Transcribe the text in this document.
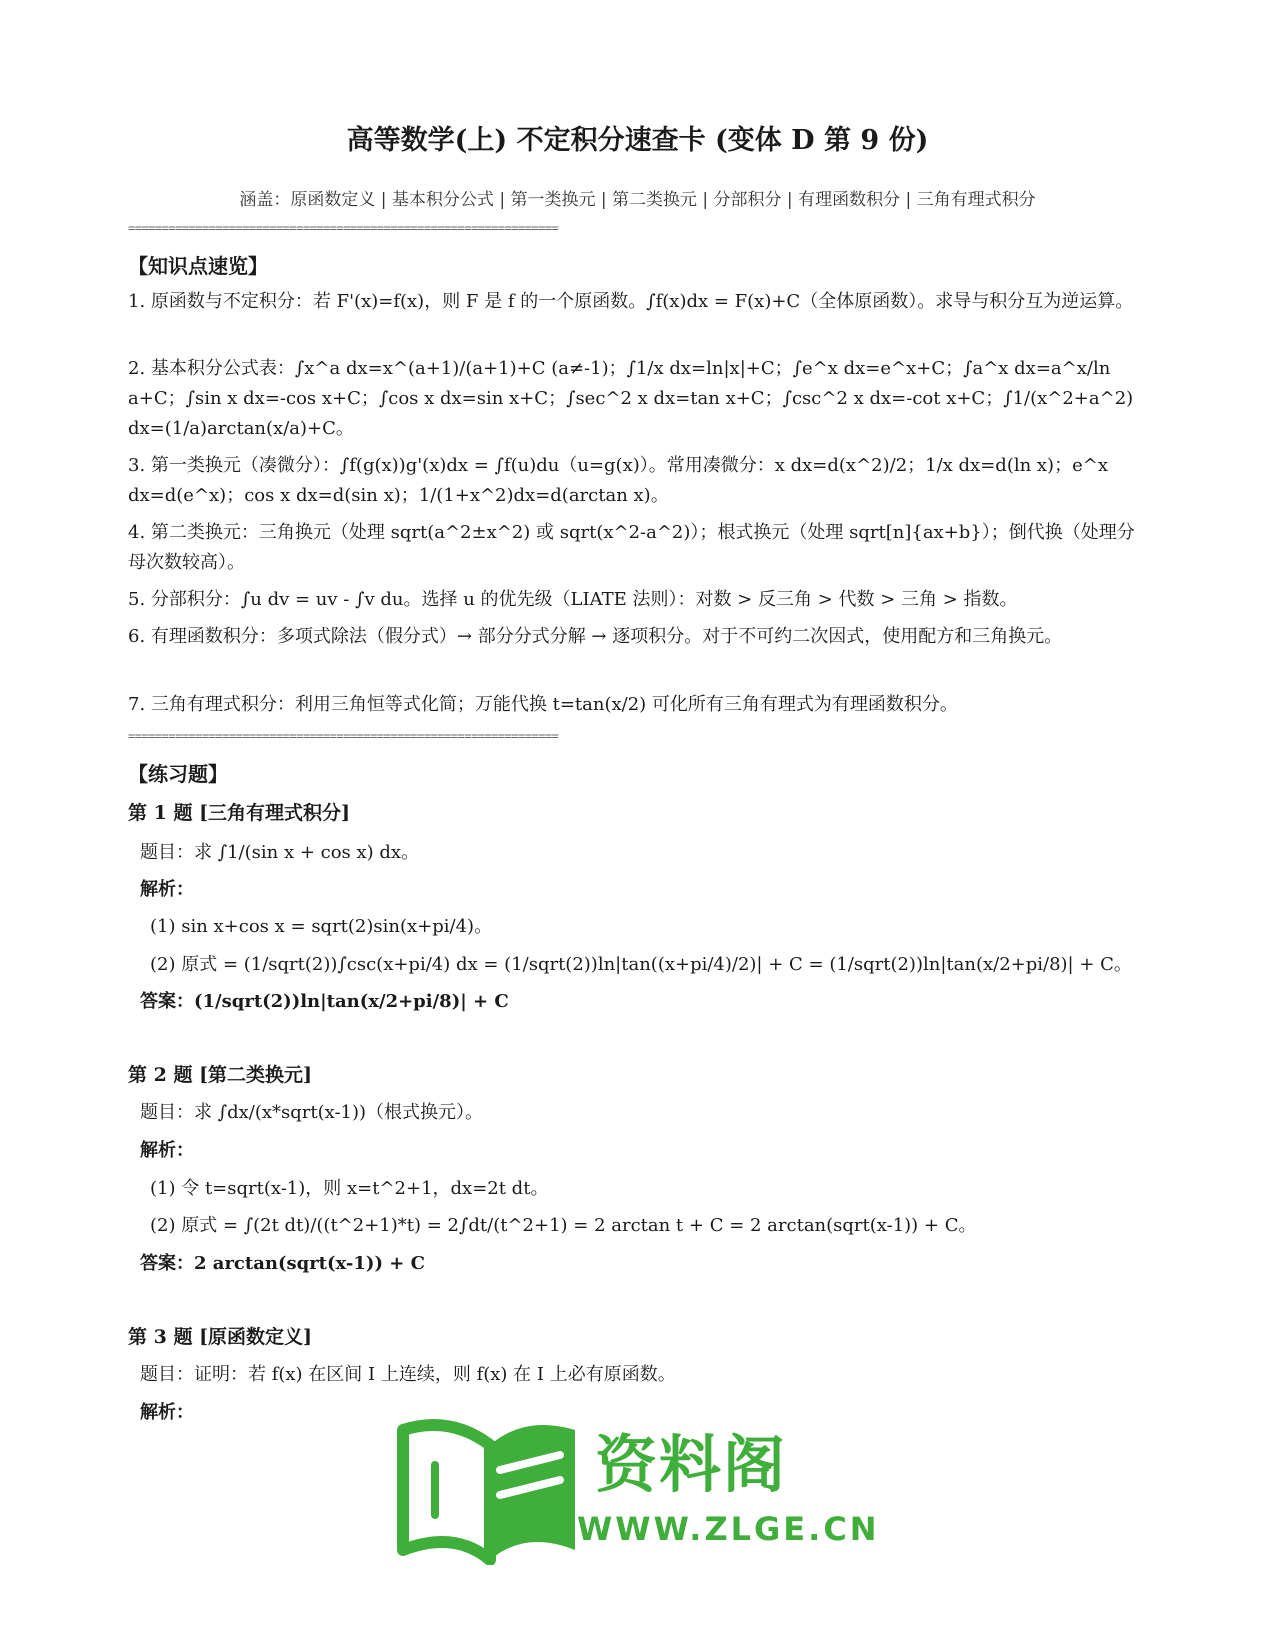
高等数学(上) 不定积分速查卡 (变体 D 第 9 份)
涵盖：原函数定义 | 基本积分公式 | 第一类换元 | 第二类换元 | 分部积分 | 有理函数积分 | 三角有理式积分
================================================================
【知识点速览】
1. 原函数与不定积分：若 F'(x)=f(x)，则 F 是 f 的一个原函数。∫f(x)dx = F(x)+C（全体原函数）。求导与积分互为逆运算。
2. 基本积分公式表：∫x^a dx=x^(a+1)/(a+1)+C (a≠-1)；∫1/x dx=ln|x|+C；∫e^x dx=e^x+C；∫a^x dx=a^x/ln a+C；∫sin x dx=-cos x+C；∫cos x dx=sin x+C；∫sec^2 x dx=tan x+C；∫csc^2 x dx=-cot x+C；∫1/(x^2+a^2) dx=(1/a)arctan(x/a)+C。
3. 第一类换元（凑微分）：∫f(g(x))g'(x)dx = ∫f(u)du（u=g(x)）。常用凑微分：x dx=d(x^2)/2；1/x dx=d(ln x)；e^x dx=d(e^x)；cos x dx=d(sin x)；1/(1+x^2)dx=d(arctan x)。
4. 第二类换元：三角换元（处理 sqrt(a^2±x^2) 或 sqrt(x^2-a^2)）；根式换元（处理 sqrt[n]{ax+b}）；倒代换（处理分母次数较高）。
5. 分部积分：∫u dv = uv - ∫v du。选择 u 的优先级（LIATE 法则）：对数 > 反三角 > 代数 > 三角 > 指数。
6. 有理函数积分：多项式除法（假分式）→ 部分分式分解 → 逐项积分。对于不可约二次因式，使用配方和三角换元。
7. 三角有理式积分：利用三角恒等式化简；万能代换 t=tan(x/2) 可化所有三角有理式为有理函数积分。
================================================================
【练习题】
第 1 题 [三角有理式积分]
题目：求 ∫1/(sin x + cos x) dx。
解析：
(1) sin x+cos x = sqrt(2)sin(x+pi/4)。
(2) 原式 = (1/sqrt(2))∫csc(x+pi/4) dx = (1/sqrt(2))ln|tan((x+pi/4)/2)| + C = (1/sqrt(2))ln|tan(x/2+pi/8)| + C。
答案：(1/sqrt(2))ln|tan(x/2+pi/8)| + C
第 2 题 [第二类换元]
题目：求 ∫dx/(x*sqrt(x-1))（根式换元）。
解析：
(1) 令 t=sqrt(x-1)，则 x=t^2+1，dx=2t dt。
(2) 原式 = ∫(2t dt)/((t^2+1)*t) = 2∫dt/(t^2+1) = 2 arctan t + C = 2 arctan(sqrt(x-1)) + C。
答案：2 arctan(sqrt(x-1)) + C
第 3 题 [原函数定义]
题目：证明：若 f(x) 在区间 I 上连续，则 f(x) 在 I 上必有原函数。
解析：
资料阁
WWW.ZLGE.CN
